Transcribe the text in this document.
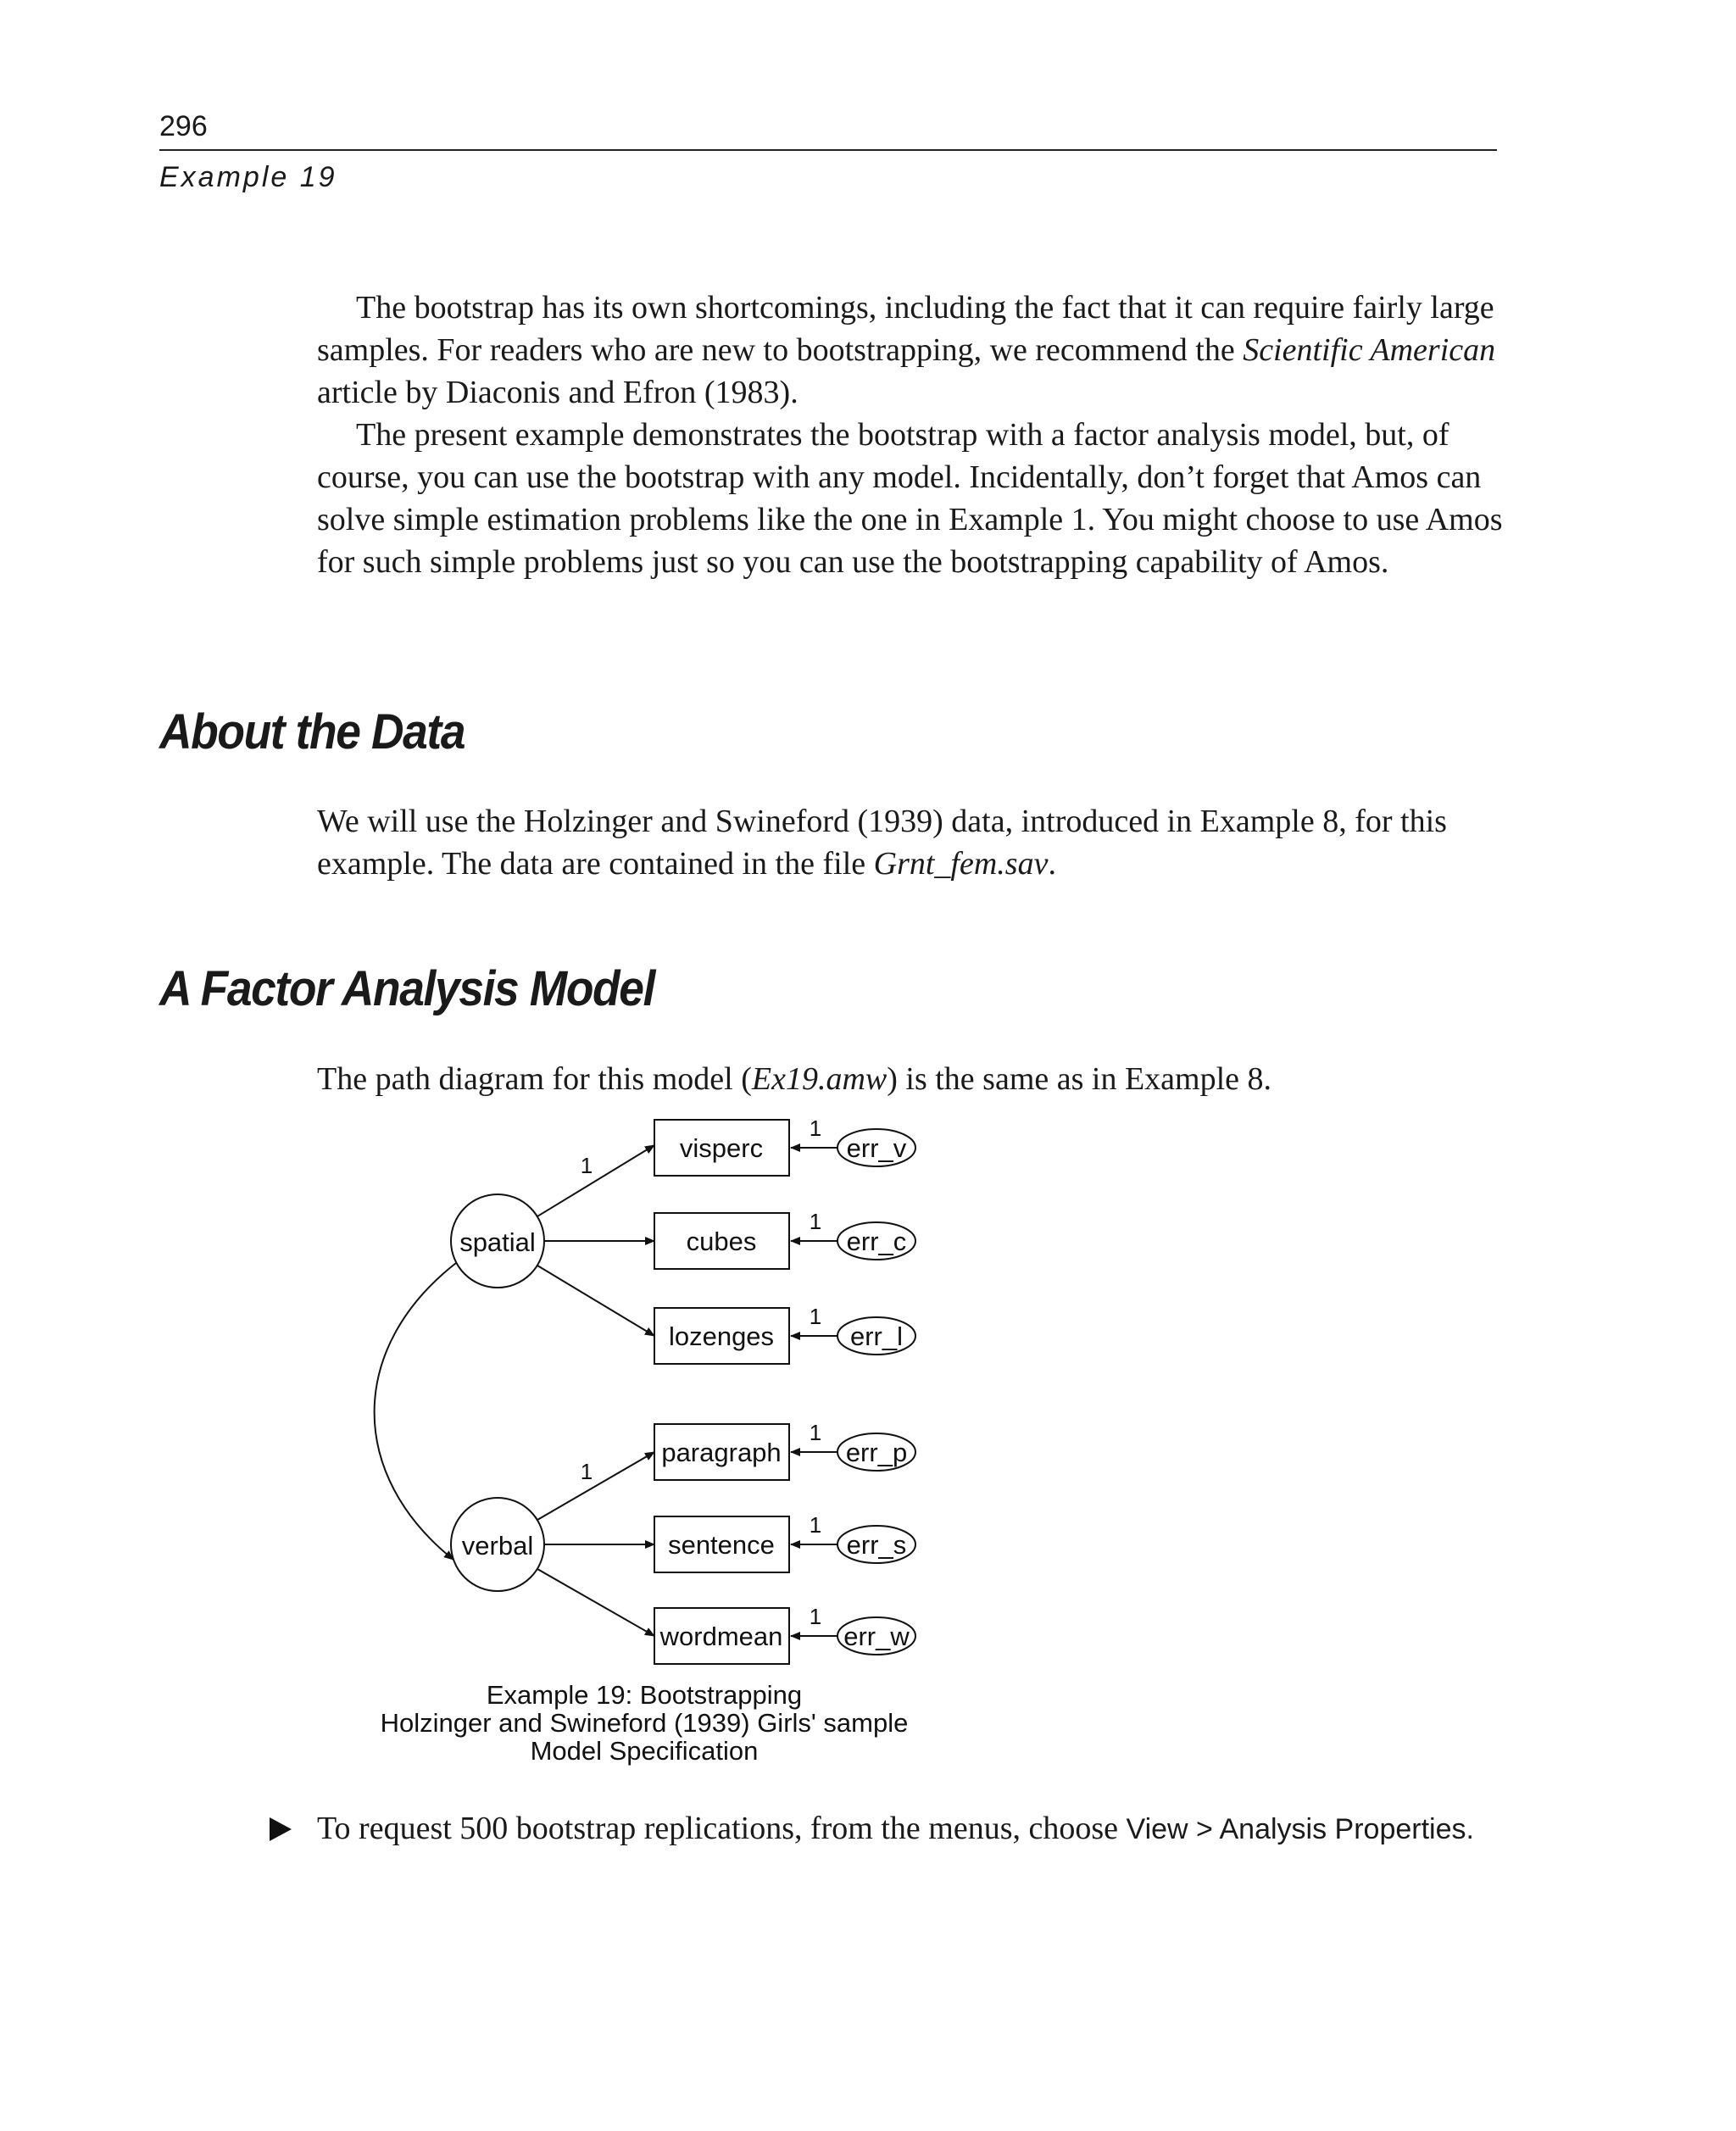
296
Example 19

The bootstrap has its own shortcomings, including the fact that it can require fairly large samples. For readers who are new to bootstrapping, we recommend the Scientific American article by Diaconis and Efron (1983).

The present example demonstrates the bootstrap with a factor analysis model, but, of course, you can use the bootstrap with any model. Incidentally, don’t forget that Amos can solve simple estimation problems like the one in Example 1. You might choose to use Amos for such simple problems just so you can use the bootstrapping capability of Amos.

About the Data

We will use the Holzinger and Swineford (1939) data, introduced in Example 8, for this example. The data are contained in the file Grnt_fem.sav.

A Factor Analysis Model

The path diagram for this model (Ex19.amw) is the same as in Example 8.

spatial
verbal
visperc
cubes
lozenges
paragraph
sentence
wordmean
err_v
err_c
err_l
err_p
err_s
err_w
1
1
1
1
1
1
1
1
Example 19: Bootstrapping
Holzinger and Swineford (1939) Girls' sample
Model Specification
To request 500 bootstrap replications, from the menus, choose View > Analysis Properties.
